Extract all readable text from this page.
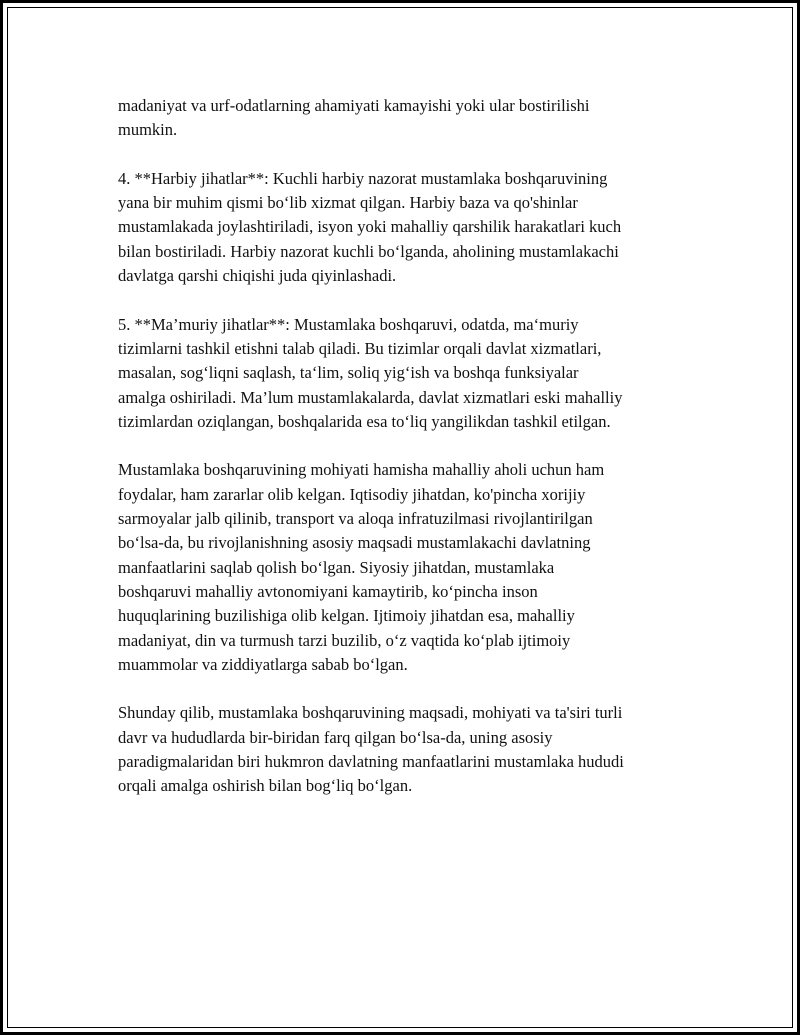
madaniyat va urf-odatlarning ahamiyati kamayishi yoki ular bostirilishi
mumkin.

4. **Harbiy jihatlar**: Kuchli harbiy nazorat mustamlaka boshqaruvining
yana bir muhim qismi bo‘lib xizmat qilgan. Harbiy baza va qo'shinlar
mustamlakada joylashtiriladi, isyon yoki mahalliy qarshilik harakatlari kuch
bilan bostiriladi. Harbiy nazorat kuchli bo‘lganda, aholining mustamlakachi
davlatga qarshi chiqishi juda qiyinlashadi.

5. **Ma’muriy jihatlar**: Mustamlaka boshqaruvi, odatda, ma‘muriy
tizimlarni tashkil etishni talab qiladi. Bu tizimlar orqali davlat xizmatlari,
masalan, sog‘liqni saqlash, ta‘lim, soliq yig‘ish va boshqa funksiyalar
amalga oshiriladi. Ma’lum mustamlakalarda, davlat xizmatlari eski mahalliy
tizimlardan oziqlangan, boshqalarida esa to‘liq yangilikdan tashkil etilgan.

Mustamlaka boshqaruvining mohiyati hamisha mahalliy aholi uchun ham
foydalar, ham zararlar olib kelgan. Iqtisodiy jihatdan, ko'pincha xorijiy
sarmoyalar jalb qilinib, transport va aloqa infratuzilmasi rivojlantirilgan
bo‘lsa-da, bu rivojlanishning asosiy maqsadi mustamlakachi davlatning
manfaatlarini saqlab qolish bo‘lgan. Siyosiy jihatdan, mustamlaka
boshqaruvi mahalliy avtonomiyani kamaytirib, ko‘pincha inson
huquqlarining buzilishiga olib kelgan. Ijtimoiy jihatdan esa, mahalliy
madaniyat, din va turmush tarzi buzilib, o‘z vaqtida ko‘plab ijtimoiy
muammolar va ziddiyatlarga sabab bo‘lgan.

Shunday qilib, mustamlaka boshqaruvining maqsadi, mohiyati va ta'siri turli
davr va hududlarda bir-biridan farq qilgan bo‘lsa-da, uning asosiy
paradigmalaridan biri hukmron davlatning manfaatlarini mustamlaka hududi
orqali amalga oshirish bilan bog‘liq bo‘lgan.
